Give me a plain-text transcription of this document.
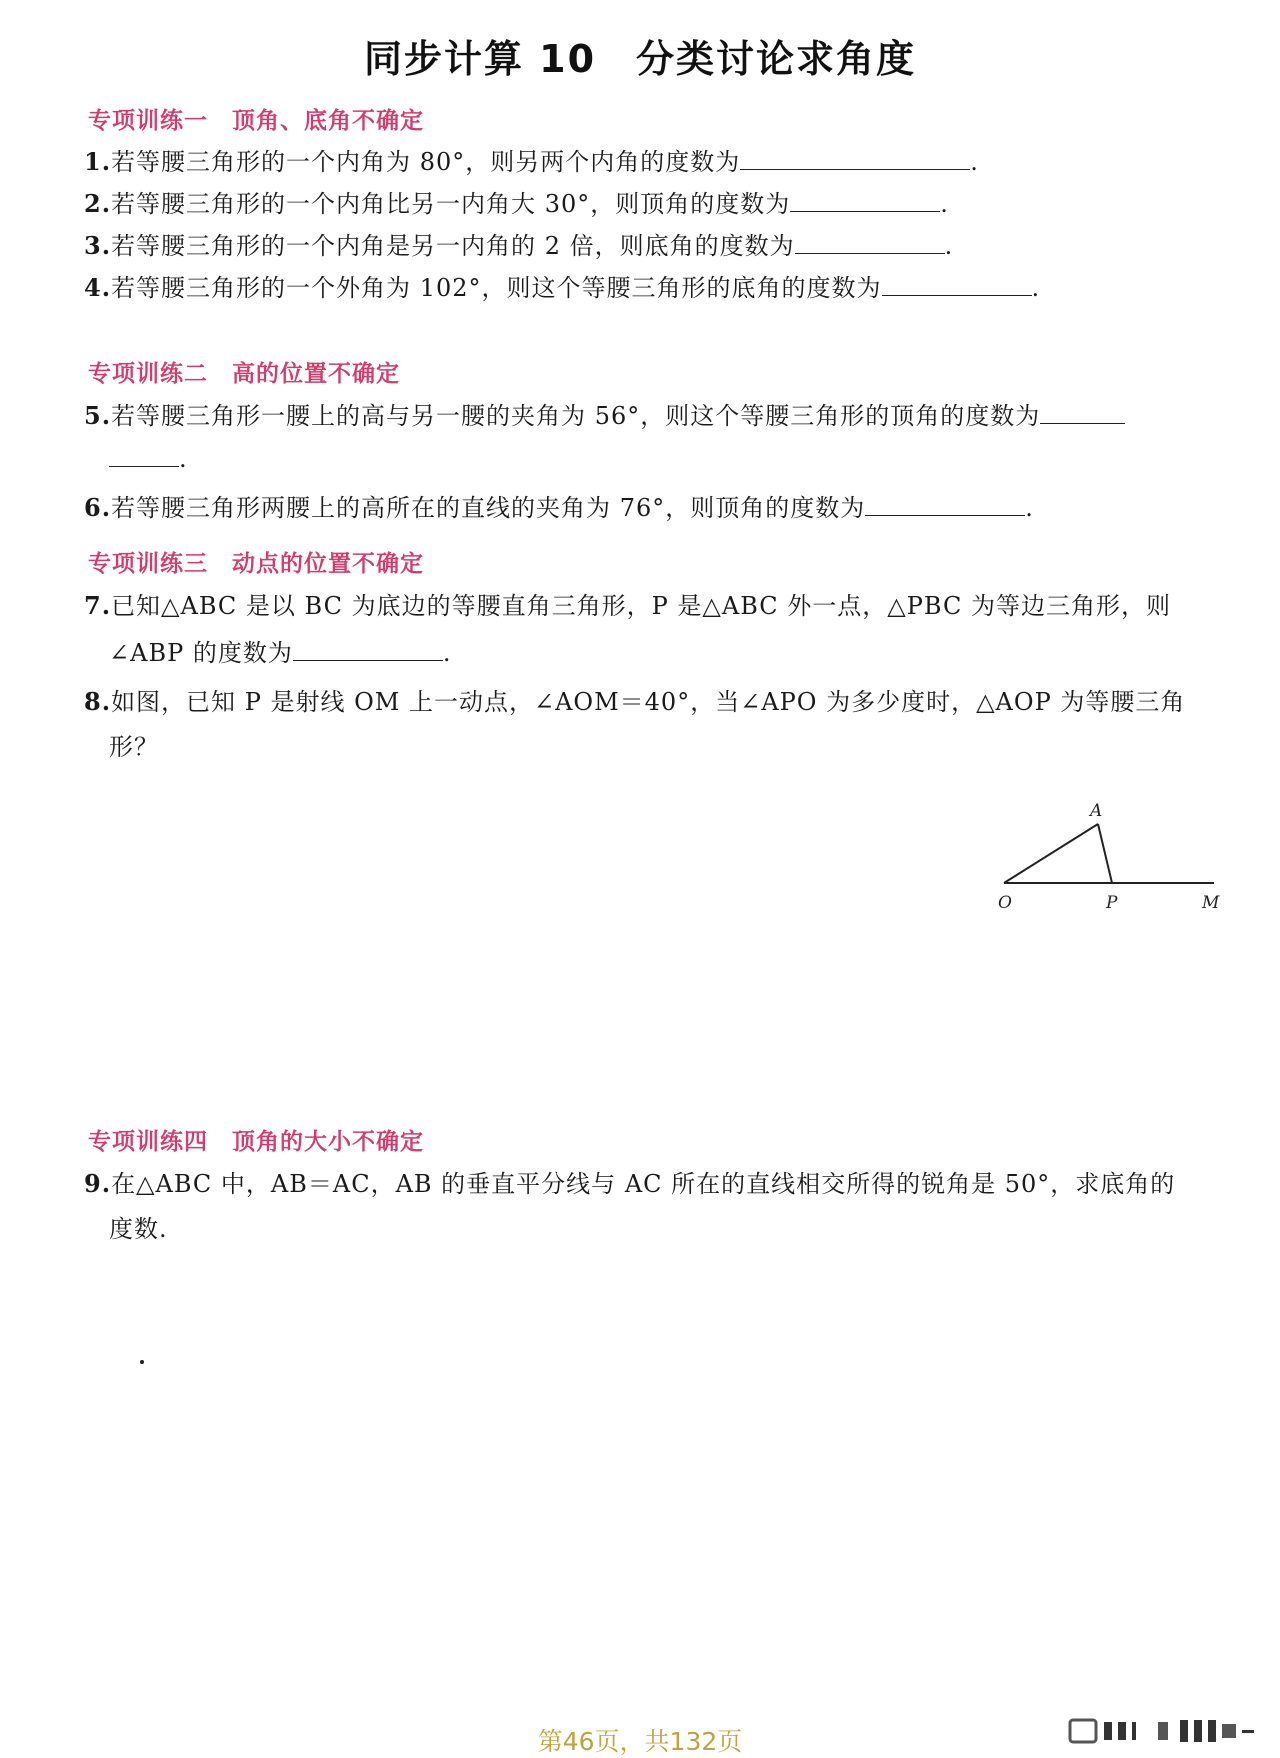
同步计算 10　分类讨论求角度
专项训练一　顶角、底角不确定
1.若等腰三角形的一个内角为 80°，则另两个内角的度数为	.
2.若等腰三角形的一个内角比另一内角大 30°，则顶角的度数为	.
3.若等腰三角形的一个内角是另一内角的 2 倍，则底角的度数为	.
4.若等腰三角形的一个外角为 102°，则这个等腰三角形的底角的度数为	.
专项训练二　高的位置不确定
5.若等腰三角形一腰上的高与另一腰的夹角为 56°，则这个等腰三角形的顶角的度数为
.
6.若等腰三角形两腰上的高所在的直线的夹角为 76°，则顶角的度数为	.
专项训练三　动点的位置不确定
7.已知△ABC 是以 BC 为底边的等腰直角三角形，P 是△ABC 外一点，△PBC 为等边三角形，则
∠ABP 的度数为	.
8.如图，已知 P 是射线 OM 上一动点，∠AOM＝40°，当∠APO 为多少度时，△AOP 为等腰三角
形？
A
O	P	M
专项训练四　顶角的大小不确定
9.在△ABC 中，AB＝AC，AB 的垂直平分线与 AC 所在的直线相交所得的锐角是 50°，求底角的
度数.
第46页，共132页
